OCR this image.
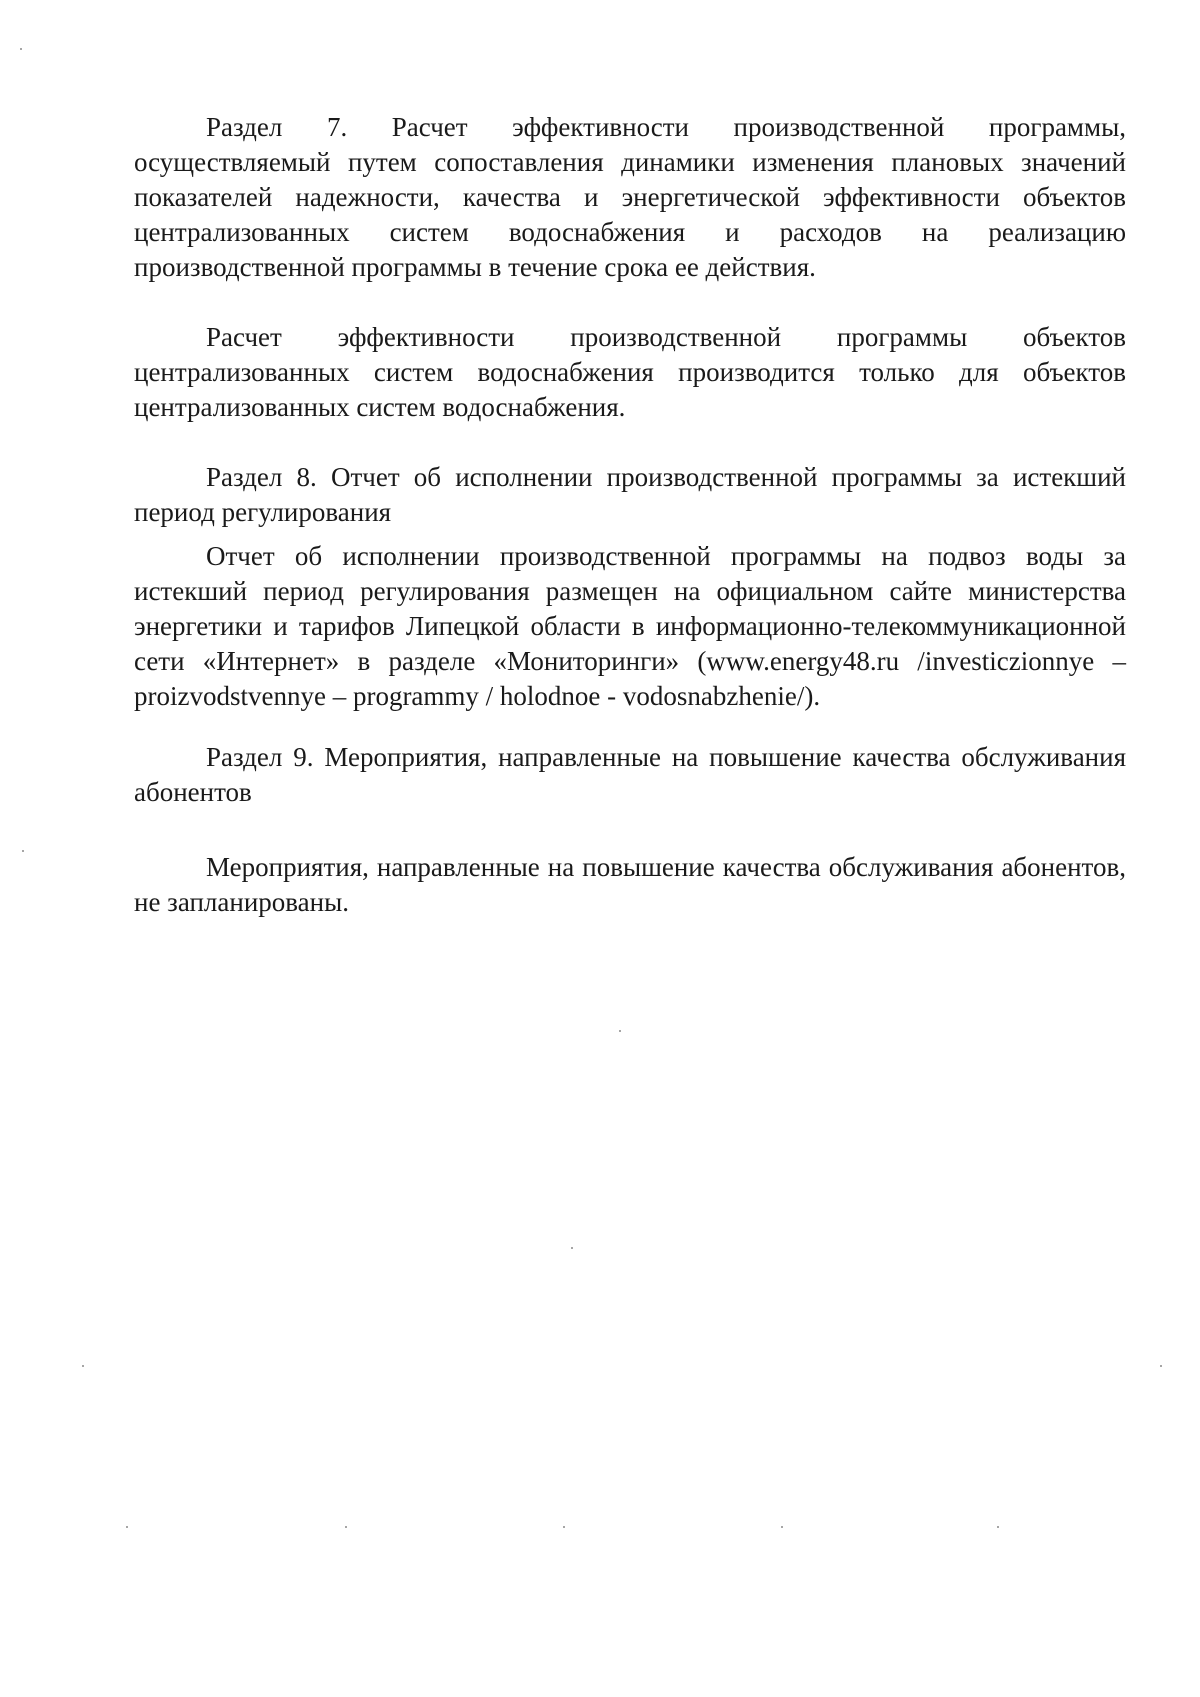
Раздел 7. Расчет эффективности производственной программы, осуществляемый путем сопоставления динамики изменения плановых значений показателей надежности, качества и энергетической эффективности объектов централизованных систем водоснабжения и расходов на реализацию производственной программы в течение срока ее действия.

Расчет эффективности производственной программы объектов централизованных систем водоснабжения производится только для объектов централизованных систем водоснабжения.

Раздел 8. Отчет об исполнении производственной программы за истекший период регулирования

Отчет об исполнении производственной программы на подвоз воды за истекший период регулирования размещен на официальном сайте министерства энергетики и тарифов Липецкой области в информационно-телекоммуникационной сети «Интернет» в разделе «Мониторинги» (www.energy48.ru /investiczionnye – proizvodstvennye – programmy / holodnoe - vodosnabzhenie/).

Раздел 9. Мероприятия, направленные на повышение качества обслуживания абонентов

Мероприятия, направленные на повышение качества обслуживания абонентов, не запланированы.
